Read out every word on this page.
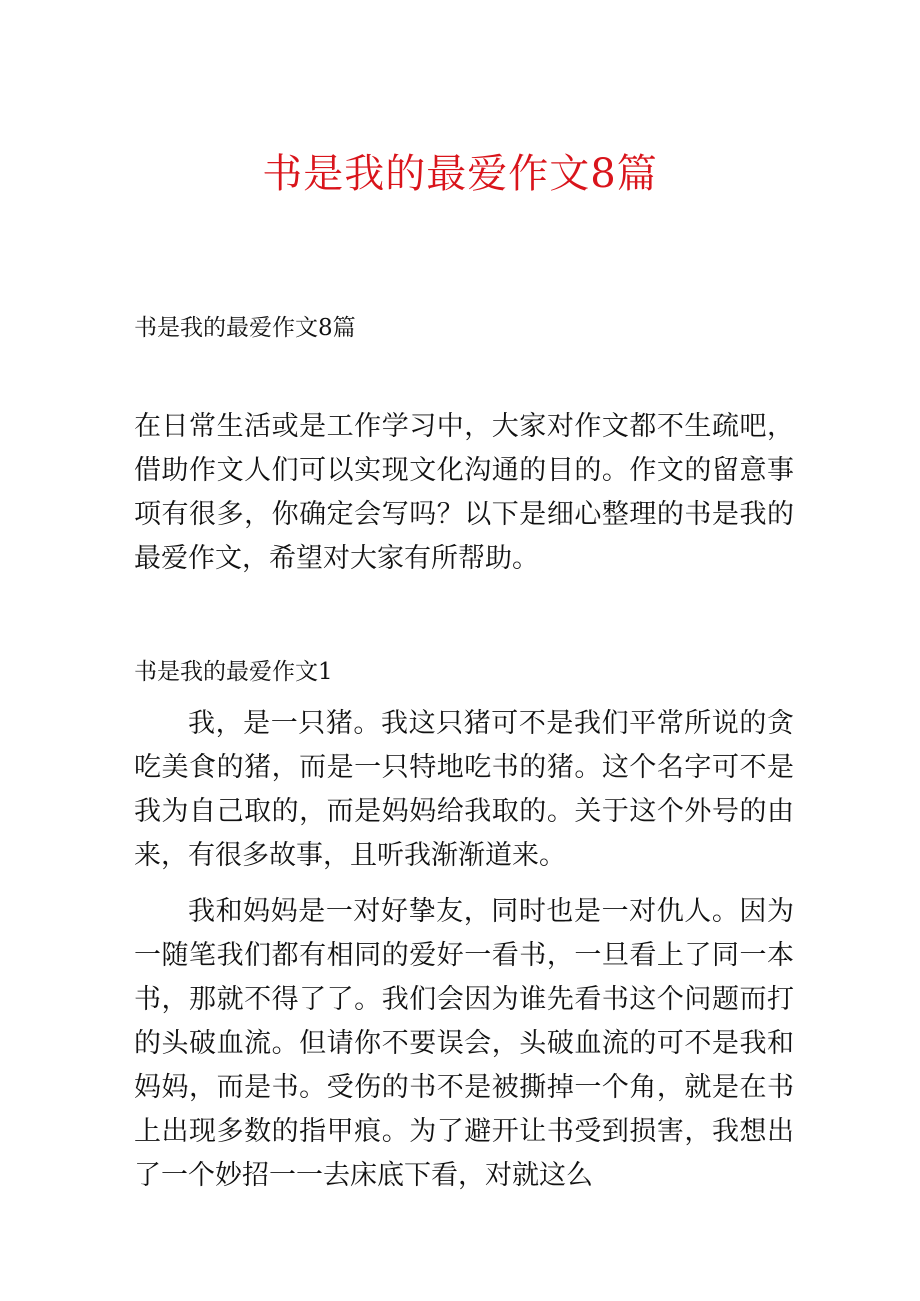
书是我的最爱作文8篇
书是我的最爱作文8篇

在日常生活或是工作学习中，大家对作文都不生疏吧，借助作文人们可以实现文化沟通的目的。作文的留意事项有很多，你确定会写吗？以下是细心整理的书是我的最爱作文，希望对大家有所帮助。

书是我的最爱作文1

我，是一只猪。我这只猪可不是我们平常所说的贪吃美食的猪，而是一只特地吃书的猪。这个名字可不是我为自己取的，而是妈妈给我取的。关于这个外号的由来，有很多故事，且听我渐渐道来。

我和妈妈是一对好挚友，同时也是一对仇人。因为一随笔我们都有相同的爱好一看书，一旦看上了同一本书，那就不得了了。我们会因为谁先看书这个问题而打的头破血流。但请你不要误会，头破血流的可不是我和妈妈，而是书。受伤的书不是被撕掉一个角，就是在书上出现多数的指甲痕。为了避开让书受到损害，我想出了一个妙招一一去床底下看，对就这么
